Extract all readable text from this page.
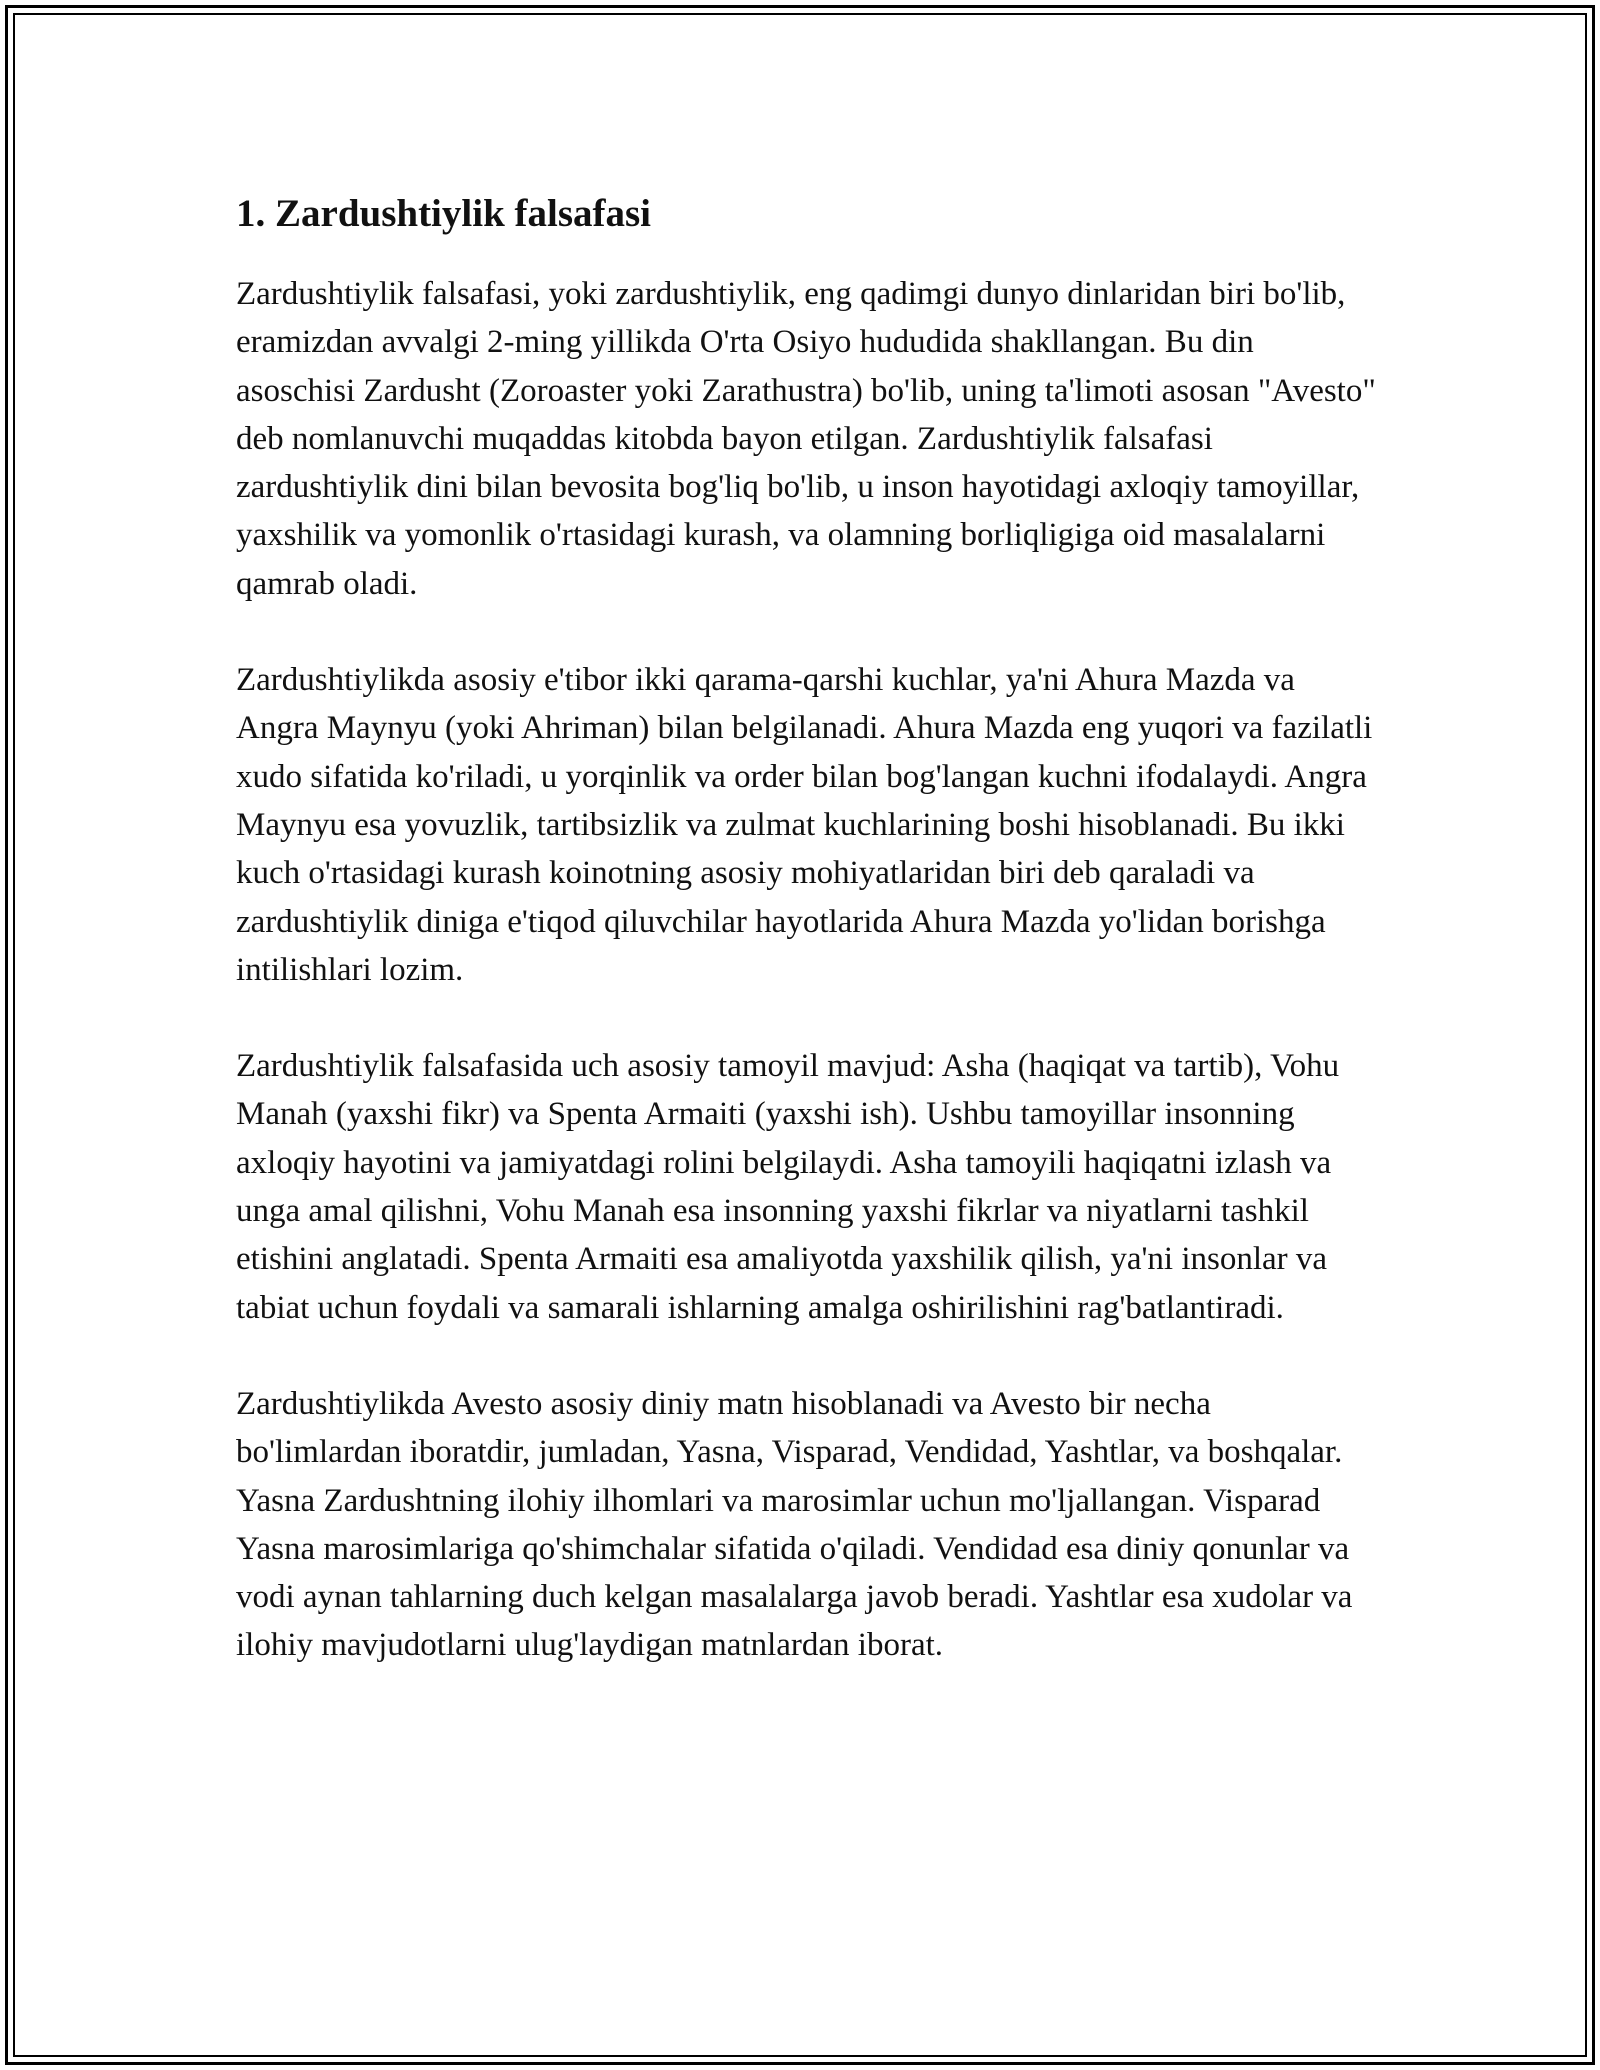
1. Zardushtiylik falsafasi

Zardushtiylik falsafasi, yoki zardushtiylik, eng qadimgi dunyo dinlaridan biri bo'lib, eramizdan avvalgi 2-ming yillikda O'rta Osiyo hududida shakllangan. Bu din asoschisi Zardusht (Zoroaster yoki Zarathustra) bo'lib, uning ta'limoti asosan "Avesto" deb nomlanuvchi muqaddas kitobda bayon etilgan. Zardushtiylik falsafasi zardushtiylik dini bilan bevosita bog'liq bo'lib, u inson hayotidagi axloqiy tamoyillar, yaxshilik va yomonlik o'rtasidagi kurash, va olamning borliqligiga oid masalalarni qamrab oladi.

Zardushtiylikda asosiy e'tibor ikki qarama-qarshi kuchlar, ya'ni Ahura Mazda va Angra Maynyu (yoki Ahriman) bilan belgilanadi. Ahura Mazda eng yuqori va fazilatli xudo sifatida ko'riladi, u yorqinlik va order bilan bog'langan kuchni ifodalaydi. Angra Maynyu esa yovuzlik, tartibsizlik va zulmat kuchlarining boshi hisoblanadi. Bu ikki kuch o'rtasidagi kurash koinotning asosiy mohiyatlaridan biri deb qaraladi va zardushtiylik diniga e'tiqod qiluvchilar hayotlarida Ahura Mazda yo'lidan borishga intilishlari lozim.

Zardushtiylik falsafasida uch asosiy tamoyil mavjud: Asha (haqiqat va tartib), Vohu Manah (yaxshi fikr) va Spenta Armaiti (yaxshi ish). Ushbu tamoyillar insonning axloqiy hayotini va jamiyatdagi rolini belgilaydi. Asha tamoyili haqiqatni izlash va unga amal qilishni, Vohu Manah esa insonning yaxshi fikrlar va niyatlarni tashkil etishini anglatadi. Spenta Armaiti esa amaliyotda yaxshilik qilish, ya'ni insonlar va tabiat uchun foydali va samarali ishlarning amalga oshirilishini rag'batlantiradi.

Zardushtiylikda Avesto asosiy diniy matn hisoblanadi va Avesto bir necha bo'limlardan iboratdir, jumladan, Yasna, Visparad, Vendidad, Yashtlar, va boshqalar. Yasna Zardushtning ilohiy ilhomlari va marosimlar uchun mo'ljallangan. Visparad Yasna marosimlariga qo'shimchalar sifatida o'qiladi. Vendidad esa diniy qonunlar va vodi aynan tahlarning duch kelgan masalalarga javob beradi. Yashtlar esa xudolar va ilohiy mavjudotlarni ulug'laydigan matnlardan iborat.
